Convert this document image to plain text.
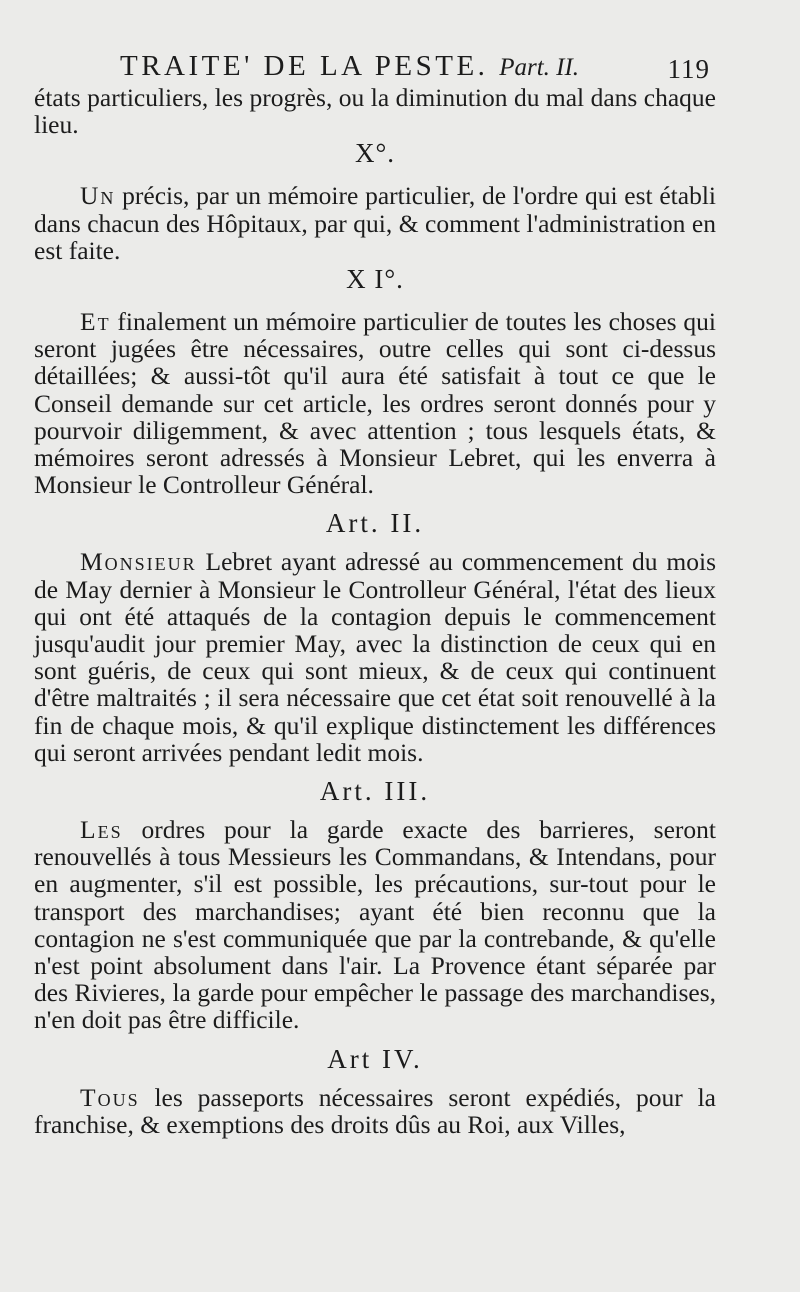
TRAITE' DE LA PESTE. Part. II.	119

états particuliers, les progrès, ou la diminution du mal dans chaque lieu.

X°.

Un précis, par un mémoire particulier, de l'ordre qui est établi dans chacun des Hôpitaux, par qui, & comment l'administration en est faite.

X I°.

Et finalement un mémoire particulier de toutes les choses qui seront jugées être nécessaires, outre celles qui sont ci-dessus détaillées; & aussi-tôt qu'il aura été satisfait à tout ce que le Conseil demande sur cet article, les ordres seront donnés pour y pourvoir diligemment, & avec attention ; tous lesquels états, & mémoires seront adressés à Monsieur Lebret, qui les enverra à Monsieur le Controlleur Général.

Art. II.

Monsieur Lebret ayant adressé au commencement du mois de May dernier à Monsieur le Controlleur Général, l'état des lieux qui ont été attaqués de la contagion depuis le commencement jusqu'audit jour premier May, avec la distinction de ceux qui en sont guéris, de ceux qui sont mieux, & de ceux qui continuent d'être maltraités ; il sera nécessaire que cet état soit renouvellé à la fin de chaque mois, & qu'il explique distinctement les différences qui seront arrivées pendant ledit mois.

Art. III.

Les ordres pour la garde exacte des barrieres, seront renouvellés à tous Messieurs les Commandans, & Intendans, pour en augmenter, s'il est possible, les précautions, sur-tout pour le transport des marchandises; ayant été bien reconnu que la contagion ne s'est communiquée que par la contrebande, & qu'elle n'est point absolument dans l'air. La Provence étant séparée par des Rivieres, la garde pour empêcher le passage des marchandises, n'en doit pas être difficile.

Art IV.

Tous les passeports nécessaires seront expédiés, pour la franchise, & exemptions des droits dûs au Roi, aux Villes,
